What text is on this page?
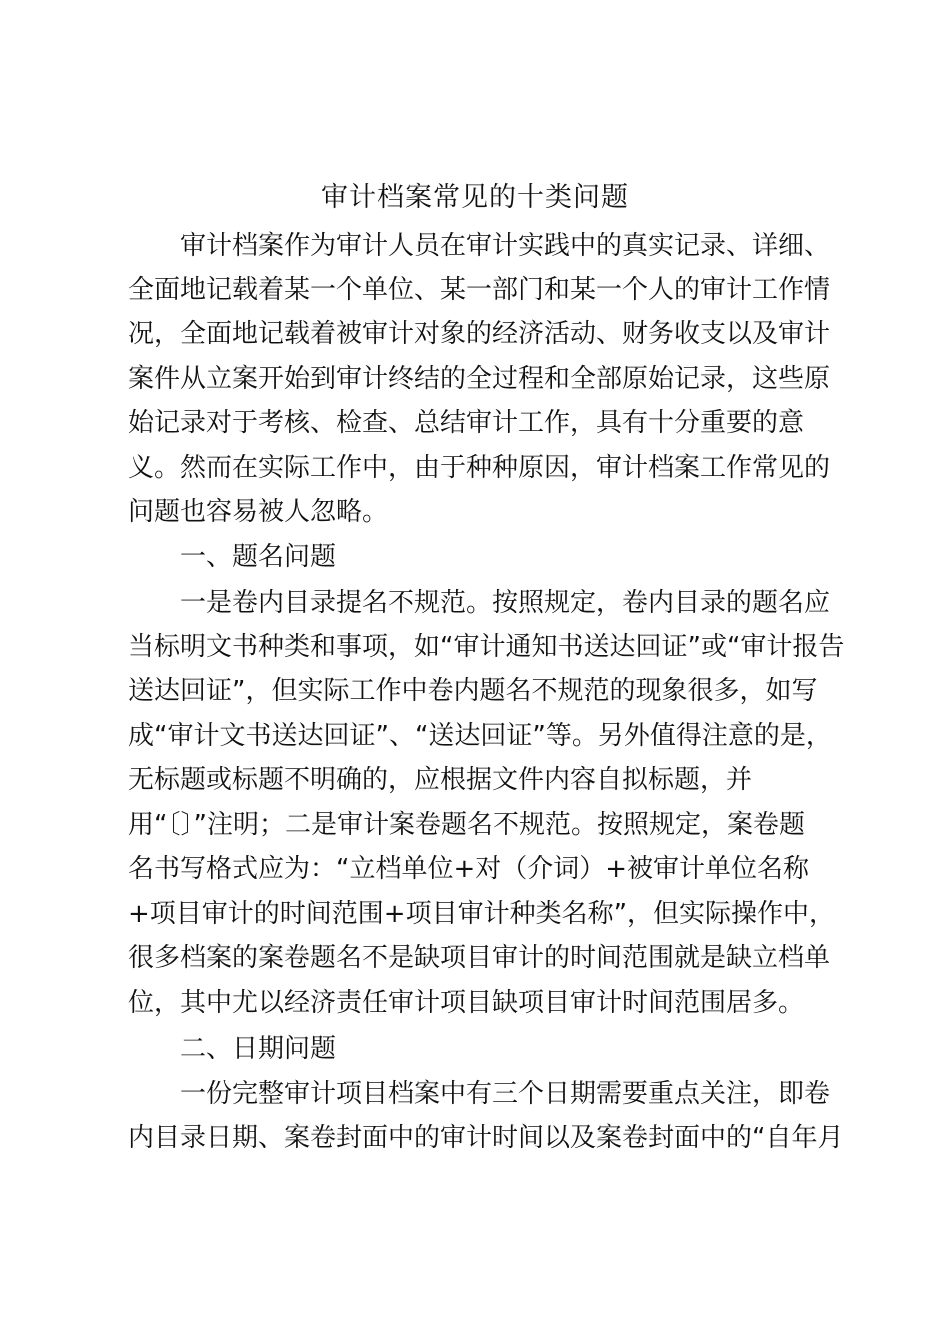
审计档案常见的十类问题
审计档案作为审计人员在审计实践中的真实记录、详细、
全面地记载着某一个单位、某一部门和某一个人的审计工作情
况，全面地记载着被审计对象的经济活动、财务收支以及审计
案件从立案开始到审计终结的全过程和全部原始记录，这些原
始记录对于考核、检查、总结审计工作，具有十分重要的意
义。然而在实际工作中，由于种种原因，审计档案工作常见的
问题也容易被人忽略。
一、题名问题
一是卷内目录提名不规范。按照规定，卷内目录的题名应
当标明文书种类和事项，如“审计通知书送达回证”或“审计报告
送达回证”，但实际工作中卷内题名不规范的现象很多，如写
成“审计文书送达回证”、“送达回证”等。另外值得注意的是，
无标题或标题不明确的，应根据文件内容自拟标题，并
用“〔〕”注明；二是审计案卷题名不规范。按照规定，案卷题
名书写格式应为：“立档单位+对（介词）+被审计单位名称
+项目审计的时间范围+项目审计种类名称”，但实际操作中，
很多档案的案卷题名不是缺项目审计的时间范围就是缺立档单
位，其中尤以经济责任审计项目缺项目审计时间范围居多。
二、日期问题
一份完整审计项目档案中有三个日期需要重点关注，即卷
内目录日期、案卷封面中的审计时间以及案卷封面中的“自年月
